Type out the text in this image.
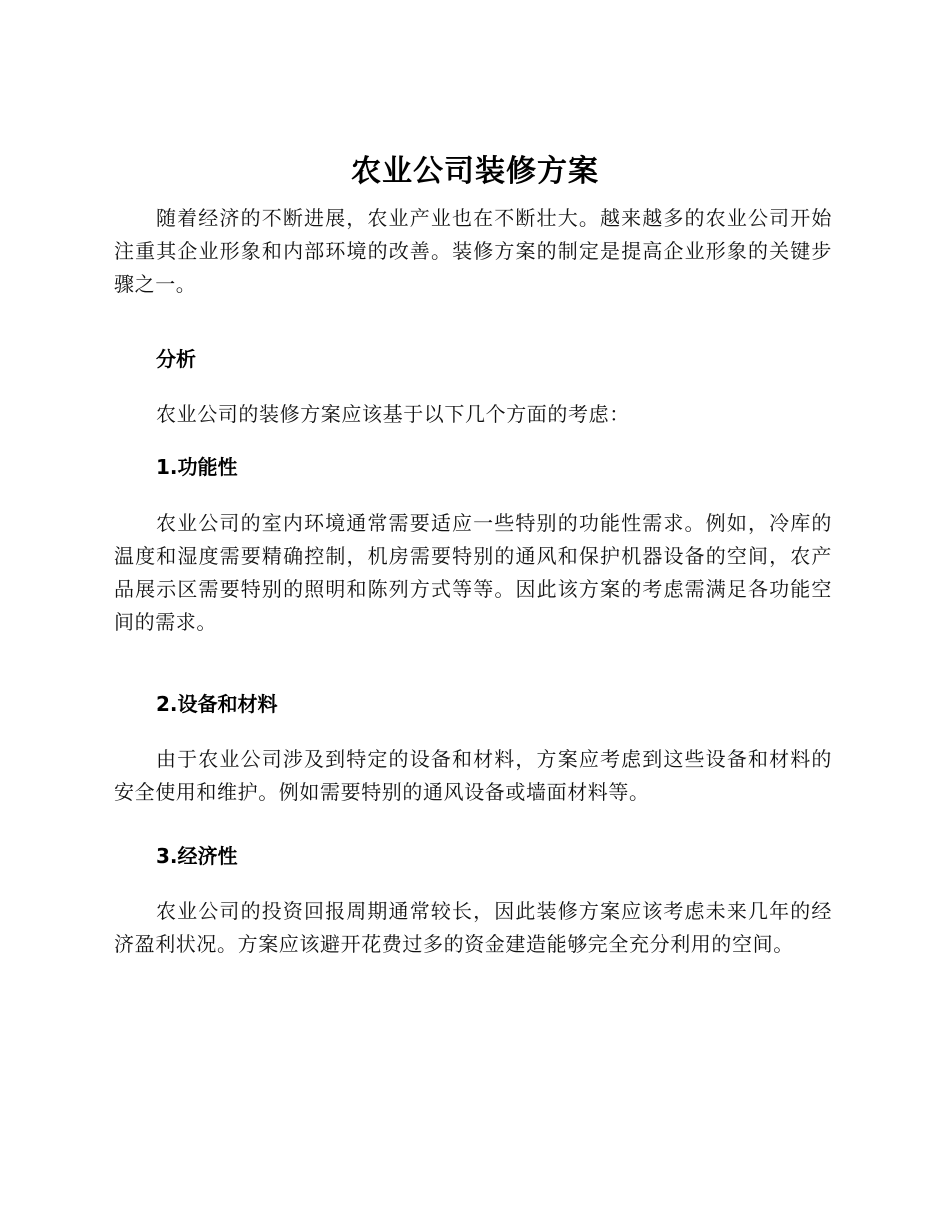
农业公司装修方案

随着经济的不断进展，农业产业也在不断壮大。越来越多的农业公司开始注重其企业形象和内部环境的改善。装修方案的制定是提高企业形象的关键步骤之一。

分析

农业公司的装修方案应该基于以下几个方面的考虑：

1.功能性

农业公司的室内环境通常需要适应一些特别的功能性需求。例如，冷库的温度和湿度需要精确控制，机房需要特别的通风和保护机器设备的空间，农产品展示区需要特别的照明和陈列方式等等。因此该方案的考虑需满足各功能空间的需求。

2.设备和材料

由于农业公司涉及到特定的设备和材料，方案应考虑到这些设备和材料的安全使用和维护。例如需要特别的通风设备或墙面材料等。

3.经济性

农业公司的投资回报周期通常较长，因此装修方案应该考虑未来几年的经济盈利状况。方案应该避开花费过多的资金建造能够完全充分利用的空间。
